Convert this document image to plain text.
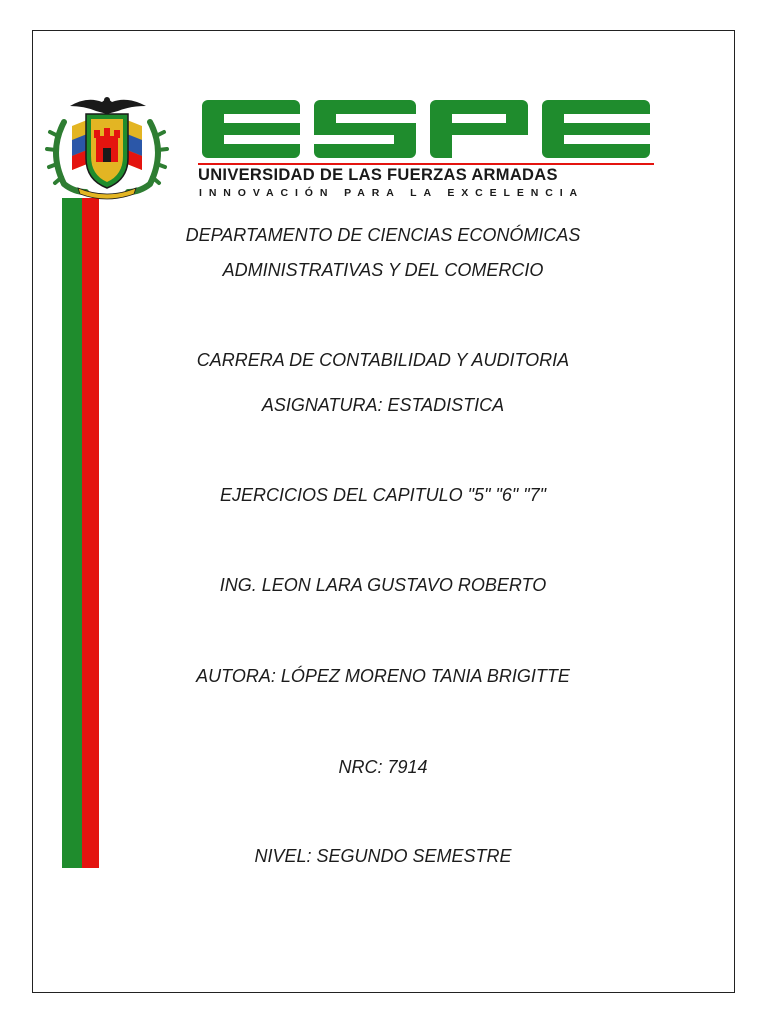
UNIVERSIDAD DE LAS FUERZAS ARMADAS
INNOVACIÓN PARA LA EXCELENCIA
DEPARTAMENTO DE CIENCIAS ECONÓMICAS
ADMINISTRATIVAS Y DEL COMERCIO
CARRERA DE CONTABILIDAD Y AUDITORIA
ASIGNATURA: ESTADISTICA
EJERCICIOS DEL CAPITULO "5" "6" "7"
ING. LEON LARA GUSTAVO ROBERTO
AUTORA: LÓPEZ MORENO TANIA BRIGITTE
NRC: 7914
NIVEL: SEGUNDO SEMESTRE
